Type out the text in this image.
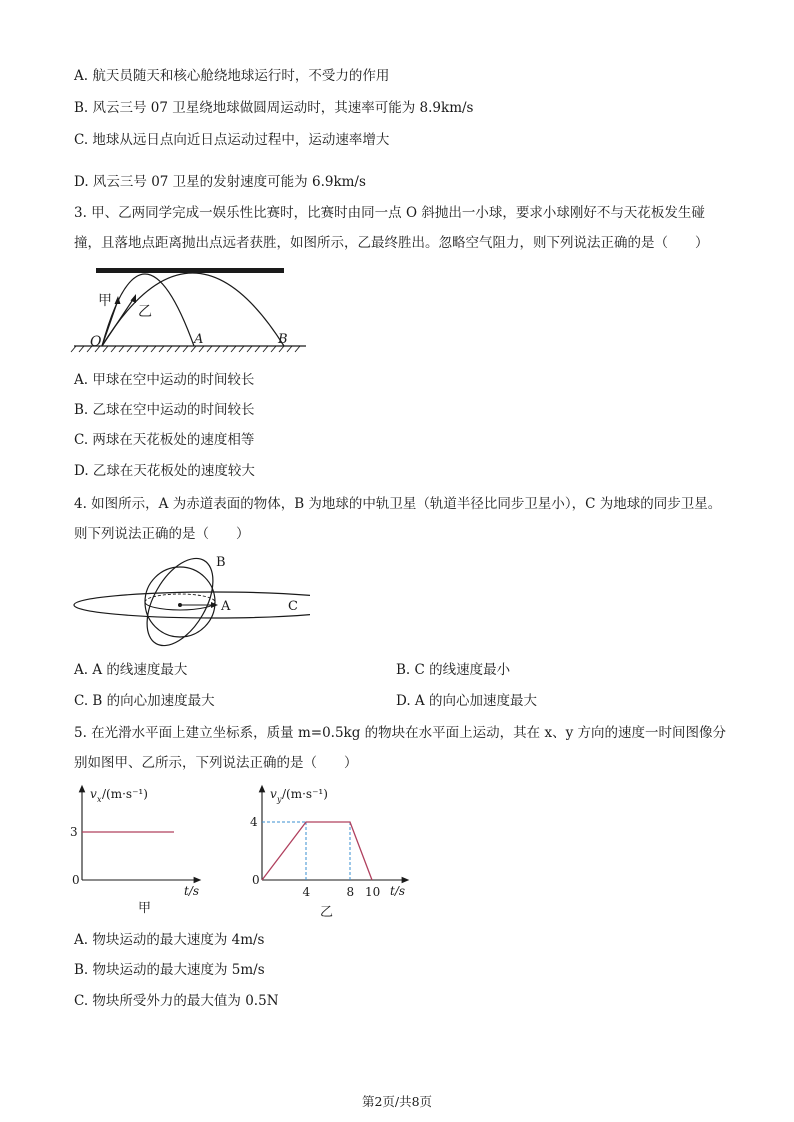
A. 航天员随天和核心舱绕地球运行时，不受力的作用
B. 风云三号 07 卫星绕地球做圆周运动时，其速率可能为 8.9km/s
C. 地球从远日点向近日点运动过程中，运动速率增大
D. 风云三号 07 卫星的发射速度可能为 6.9km/s
3. 甲、乙两同学完成一娱乐性比赛时，比赛时由同一点 O 斜抛出一小球，要求小球刚好不与天花板发生碰
撞，且落地点距离抛出点远者获胜，如图所示，乙最终胜出。忽略空气阻力，则下列说法正确的是（　　）
甲
乙
O	A	B
A. 甲球在空中运动的时间较长
B. 乙球在空中运动的时间较长
C. 两球在天花板处的速度相等
D. 乙球在天花板处的速度较大
4. 如图所示，A 为赤道表面的物体，B 为地球的中轨卫星（轨道半径比同步卫星小），C 为地球的同步卫星。
则下列说法正确的是（　　）
A
B
C
A. A 的线速度最大	B. C 的线速度最小
C. B 的向心加速度最大	D. A 的向心加速度最大
5. 在光滑水平面上建立坐标系，质量 m=0.5kg 的物块在水平面上运动，其在 x、y 方向的速度一时间图像分
别如图甲、乙所示，下列说法正确的是（　　）
v x /(m·s⁻¹)
t/s
0
3
甲
v y /(m·s⁻¹)
t/s
0
4
4	8 10
乙
A. 物块运动的最大速度为 4m/s
B. 物块运动的最大速度为 5m/s
C. 物块所受外力的最大值为 0.5N
第2页/共8页
